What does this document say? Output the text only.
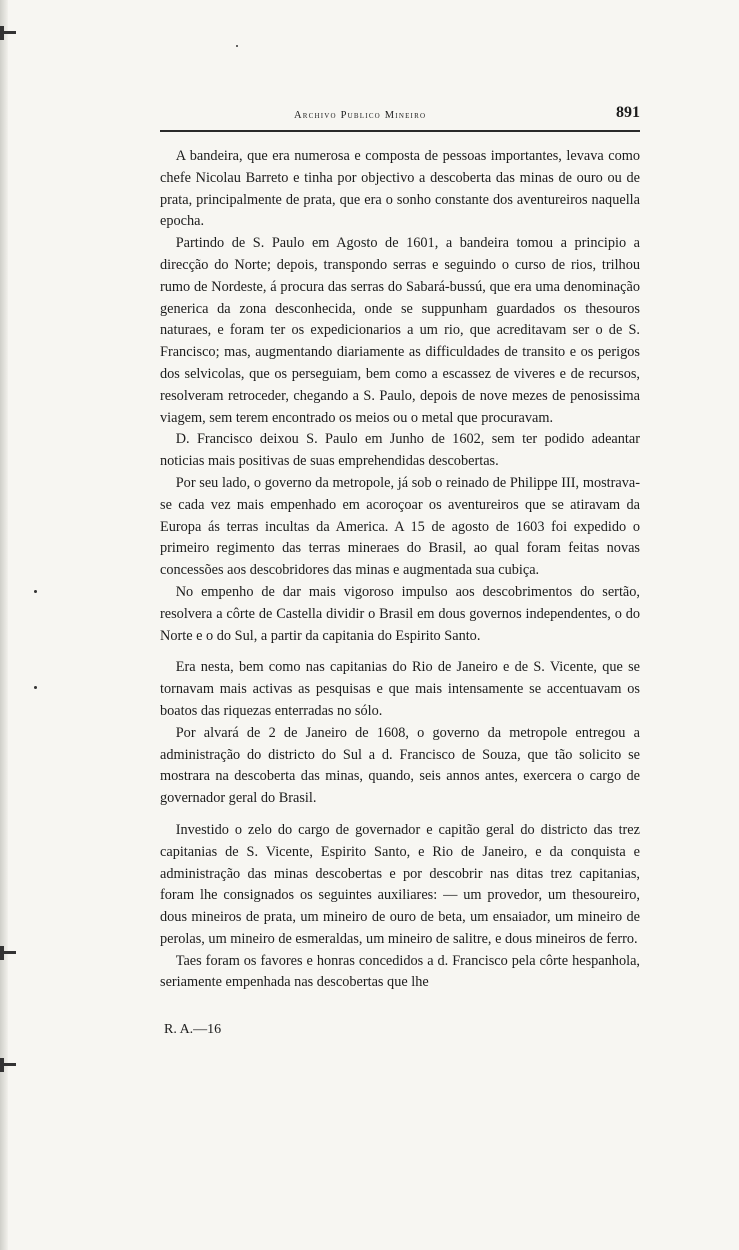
Archivo Publico Mineiro	891

A bandeira, que era numerosa e composta de pessoas importantes, levava como chefe Nicolau Barreto e tinha por objectivo a descoberta das minas de ouro ou de prata, principalmente de prata, que era o sonho constante dos aventureiros naquella epocha.

Partindo de S. Paulo em Agosto de 1601, a bandeira tomou a principio a direcção do Norte; depois, transpondo serras e seguindo o curso de rios, trilhou rumo de Nordeste, á procura das serras do Sabará-bussú, que era uma denominação generica da zona desconhecida, onde se suppunham guardados os thesouros naturaes, e foram ter os expedicionarios a um rio, que acreditavam ser o de S. Francisco; mas, augmentando diariamente as difficuldades de transito e os perigos dos selvicolas, que os perseguiam, bem como a escassez de viveres e de recursos, resolveram retroceder, chegando a S. Paulo, depois de nove mezes de penosissima viagem, sem terem encontrado os meios ou o metal que procuravam.

D. Francisco deixou S. Paulo em Junho de 1602, sem ter podido adeantar noticias mais positivas de suas emprehendidas descobertas.

Por seu lado, o governo da metropole, já sob o reinado de Philippe III, mostrava-se cada vez mais empenhado em acoroçoar os aventureiros que se atiravam da Europa ás terras incultas da America. A 15 de agosto de 1603 foi expedido o primeiro regimento das terras mineraes do Brasil, ao qual foram feitas novas concessões aos descobridores das minas e augmentada sua cubiça.

No empenho de dar mais vigoroso impulso aos descobrimentos do sertão, resolvera a côrte de Castella dividir o Brasil em dous governos independentes, o do Norte e o do Sul, a partir da capitania do Espirito Santo.

Era nesta, bem como nas capitanias do Rio de Janeiro e de S. Vicente, que se tornavam mais activas as pesquisas e que mais intensamente se accentuavam os boatos das riquezas enterradas no sólo.

Por alvará de 2 de Janeiro de 1608, o governo da metropole entregou a administração do districto do Sul a d. Francisco de Souza, que tão solicito se mostrara na descoberta das minas, quando, seis annos antes, exercera o cargo de governador geral do Brasil.

Investido o zelo do cargo de governador e capitão geral do districto das trez capitanias de S. Vicente, Espirito Santo, e Rio de Janeiro, e da conquista e administração das minas descobertas e por descobrir nas ditas trez capitanias, foram lhe consignados os seguintes auxiliares: — um provedor, um thesoureiro, dous mineiros de prata, um mineiro de ouro de beta, um ensaiador, um mineiro de perolas, um mineiro de esmeraldas, um mineiro de salitre, e dous mineiros de ferro.

Taes foram os favores e honras concedidos a d. Francisco pela côrte hespanhola, seriamente empenhada nas descobertas que lhe

R. A.—16
